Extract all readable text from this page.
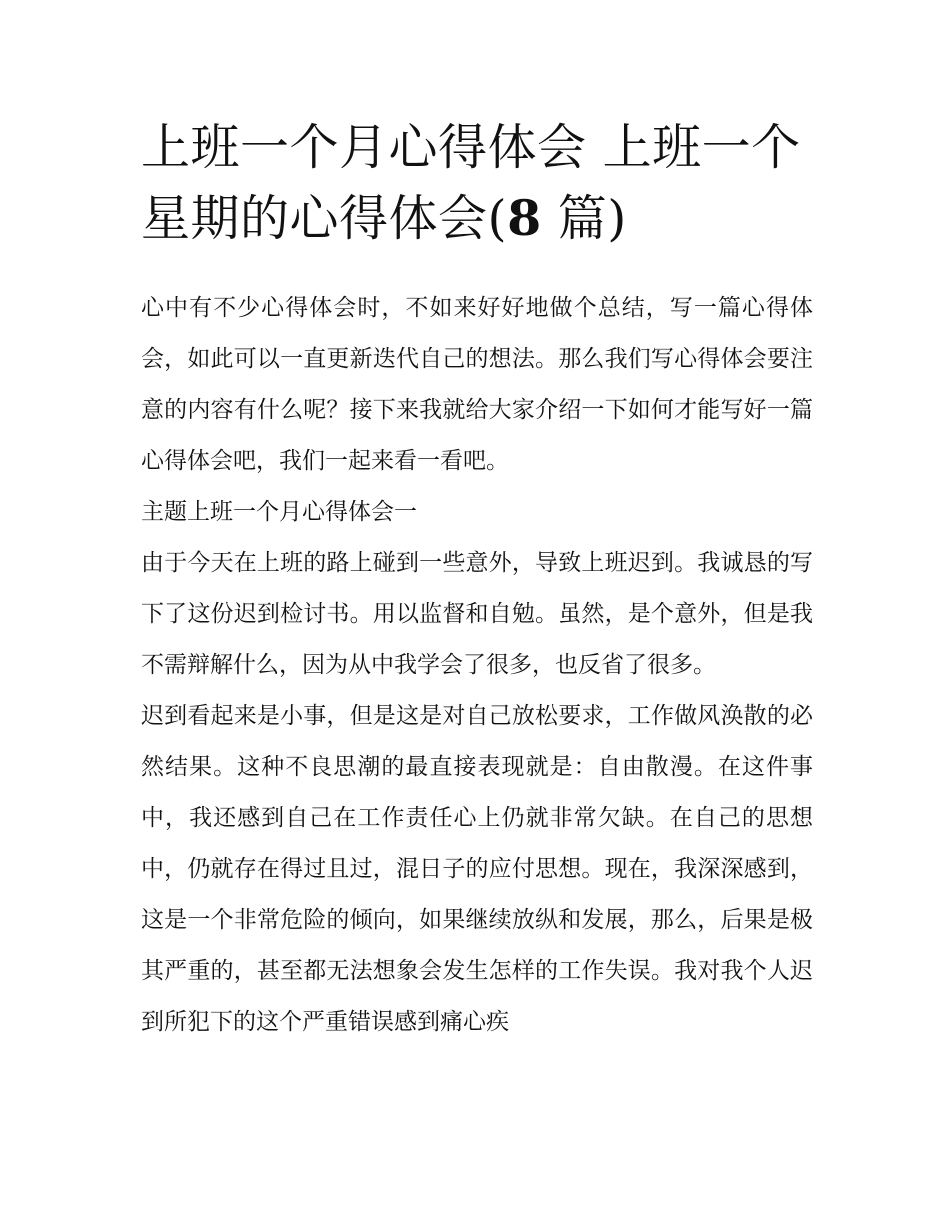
上班一个月心得体会 上班一个星期的心得体会(8 篇)

心中有不少心得体会时，不如来好好地做个总结，写一篇心得体会，如此可以一直更新迭代自己的想法。那么我们写心得体会要注意的内容有什么呢？接下来我就给大家介绍一下如何才能写好一篇心得体会吧，我们一起来看一看吧。

主题上班一个月心得体会一

由于今天在上班的路上碰到一些意外，导致上班迟到。我诚恳的写下了这份迟到检讨书。用以监督和自勉。虽然，是个意外，但是我不需辩解什么，因为从中我学会了很多，也反省了很多。

迟到看起来是小事，但是这是对自己放松要求，工作做风涣散的必然结果。这种不良思潮的最直接表现就是：自由散漫。在这件事中，我还感到自己在工作责任心上仍就非常欠缺。在自己的思想中，仍就存在得过且过，混日子的应付思想。现在，我深深感到，这是一个非常危险的倾向，如果继续放纵和发展，那么，后果是极其严重的，甚至都无法想象会发生怎样的工作失误。我对我个人迟到所犯下的这个严重错误感到痛心疾
